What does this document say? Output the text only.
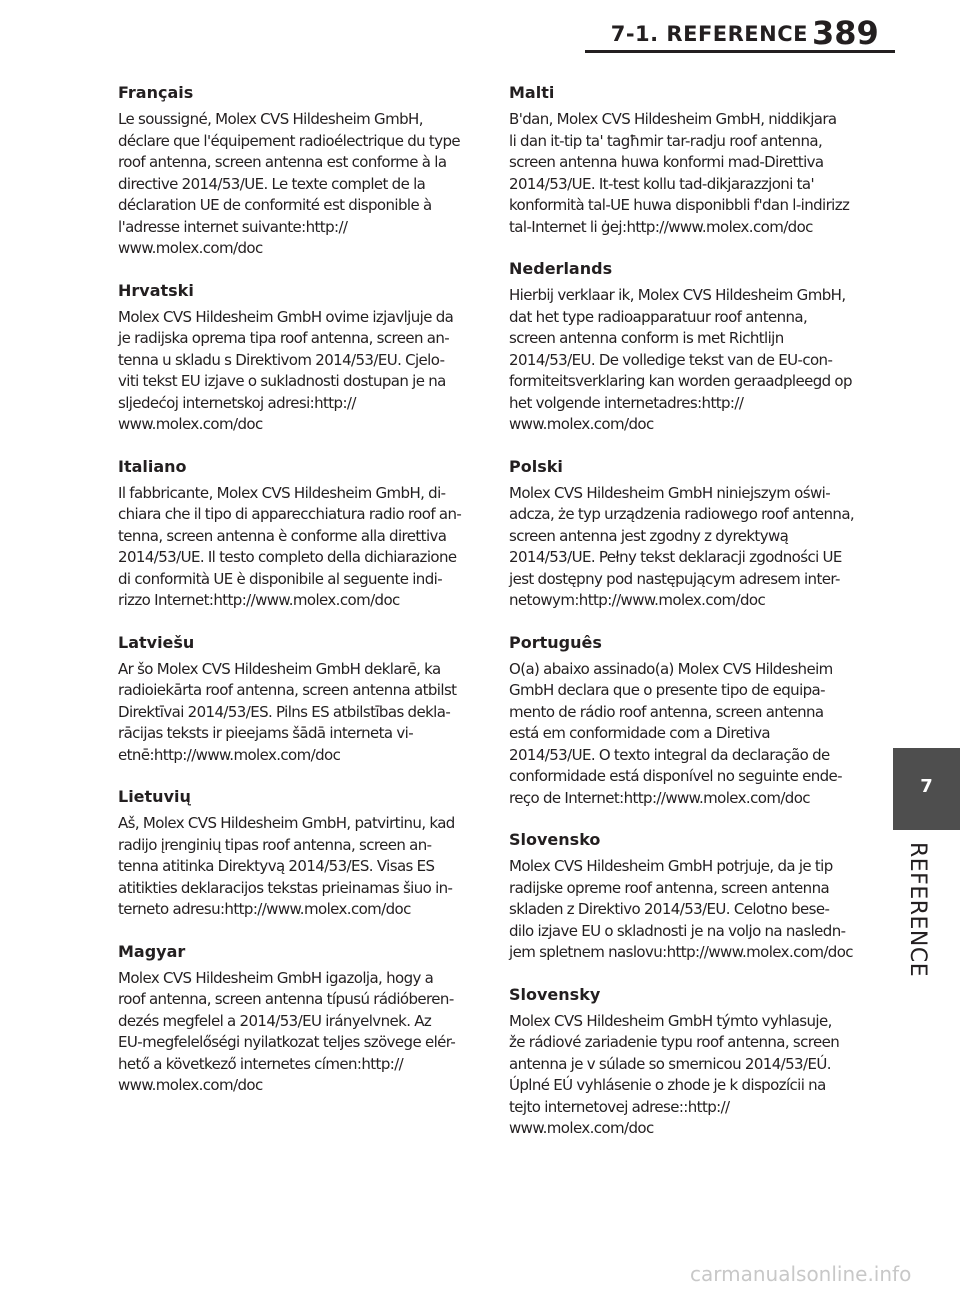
7-1. REFERENCE 389
Français
Le soussigné, Molex CVS Hildesheim GmbH,
déclare que l'équipement radioélectrique du type
roof antenna, screen antenna est conforme à la
directive 2014/53/UE. Le texte complet de la
déclaration UE de conformité est disponible à
l'adresse internet suivante:http://
www.molex.com/doc
Hrvatski
Molex CVS Hildesheim GmbH ovime izjavljuje da
je radijska oprema tipa roof antenna, screen an-
tenna u skladu s Direktivom 2014/53/EU. Cjelo-
viti tekst EU izjave o sukladnosti dostupan je na
sljedećoj internetskoj adresi:http://
www.molex.com/doc
Italiano
Il fabbricante, Molex CVS Hildesheim GmbH, di-
chiara che il tipo di apparecchiatura radio roof an-
tenna, screen antenna è conforme alla direttiva
2014/53/UE. Il testo completo della dichiarazione
di conformità UE è disponibile al seguente indi-
rizzo Internet:http://www.molex.com/doc
Latviešu
Ar šo Molex CVS Hildesheim GmbH deklarē, ka
radioiekārta roof antenna, screen antenna atbilst
Direktīvai 2014/53/ES. Pilns ES atbilstības dekla-
rācijas teksts ir pieejams šādā interneta vi-
etnē:http://www.molex.com/doc
Lietuvių
Aš, Molex CVS Hildesheim GmbH, patvirtinu, kad
radijo įrenginių tipas roof antenna, screen an-
tenna atitinka Direktyvą 2014/53/ES. Visas ES
atitikties deklaracijos tekstas prieinamas šiuo in-
terneto adresu:http://www.molex.com/doc
Magyar
Molex CVS Hildesheim GmbH igazolja, hogy a
roof antenna, screen antenna típusú rádióberen-
dezés megfelel a 2014/53/EU irányelvnek. Az
EU-megfelelőségi nyilatkozat teljes szövege elér-
hető a következő internetes címen:http://
www.molex.com/doc
Malti
B'dan, Molex CVS Hildesheim GmbH, niddikjara
li dan it-tip ta' tagħmir tar-radju roof antenna,
screen antenna huwa konformi mad-Direttiva
2014/53/UE. It-test kollu tad-dikjarazzjoni ta'
konformità tal-UE huwa disponibbli f'dan l-indirizz
tal-Internet li ġej:http://www.molex.com/doc
Nederlands
Hierbij verklaar ik, Molex CVS Hildesheim GmbH,
dat het type radioapparatuur roof antenna,
screen antenna conform is met Richtlijn
2014/53/EU. De volledige tekst van de EU-con-
formiteitsverklaring kan worden geraadpleegd op
het volgende internetadres:http://
www.molex.com/doc
Polski
Molex CVS Hildesheim GmbH niniejszym oświ-
adcza, że typ urządzenia radiowego roof antenna,
screen antenna jest zgodny z dyrektywą
2014/53/UE. Pełny tekst deklaracji zgodności UE
jest dostępny pod następującym adresem inter-
netowym:http://www.molex.com/doc
Português
O(a) abaixo assinado(a) Molex CVS Hildesheim
GmbH declara que o presente tipo de equipa-
mento de rádio roof antenna, screen antenna
está em conformidade com a Diretiva
2014/53/UE. O texto integral da declaração de
conformidade está disponível no seguinte ende-
reço de Internet:http://www.molex.com/doc
Slovensko
Molex CVS Hildesheim GmbH potrjuje, da je tip
radijske opreme roof antenna, screen antenna
skladen z Direktivo 2014/53/EU. Celotno bese-
dilo izjave EU o skladnosti je na voljo na nasledn-
jem spletnem naslovu:http://www.molex.com/doc
Slovensky
Molex CVS Hildesheim GmbH týmto vyhlasuje,
že rádiové zariadenie typu roof antenna, screen
antenna je v súlade so smernicou 2014/53/EÚ.
Úplné EÚ vyhlásenie o zhode je k dispozícii na
tejto internetovej adrese::http://
www.molex.com/doc
7
REFERENCE
carmanualsonline.info
